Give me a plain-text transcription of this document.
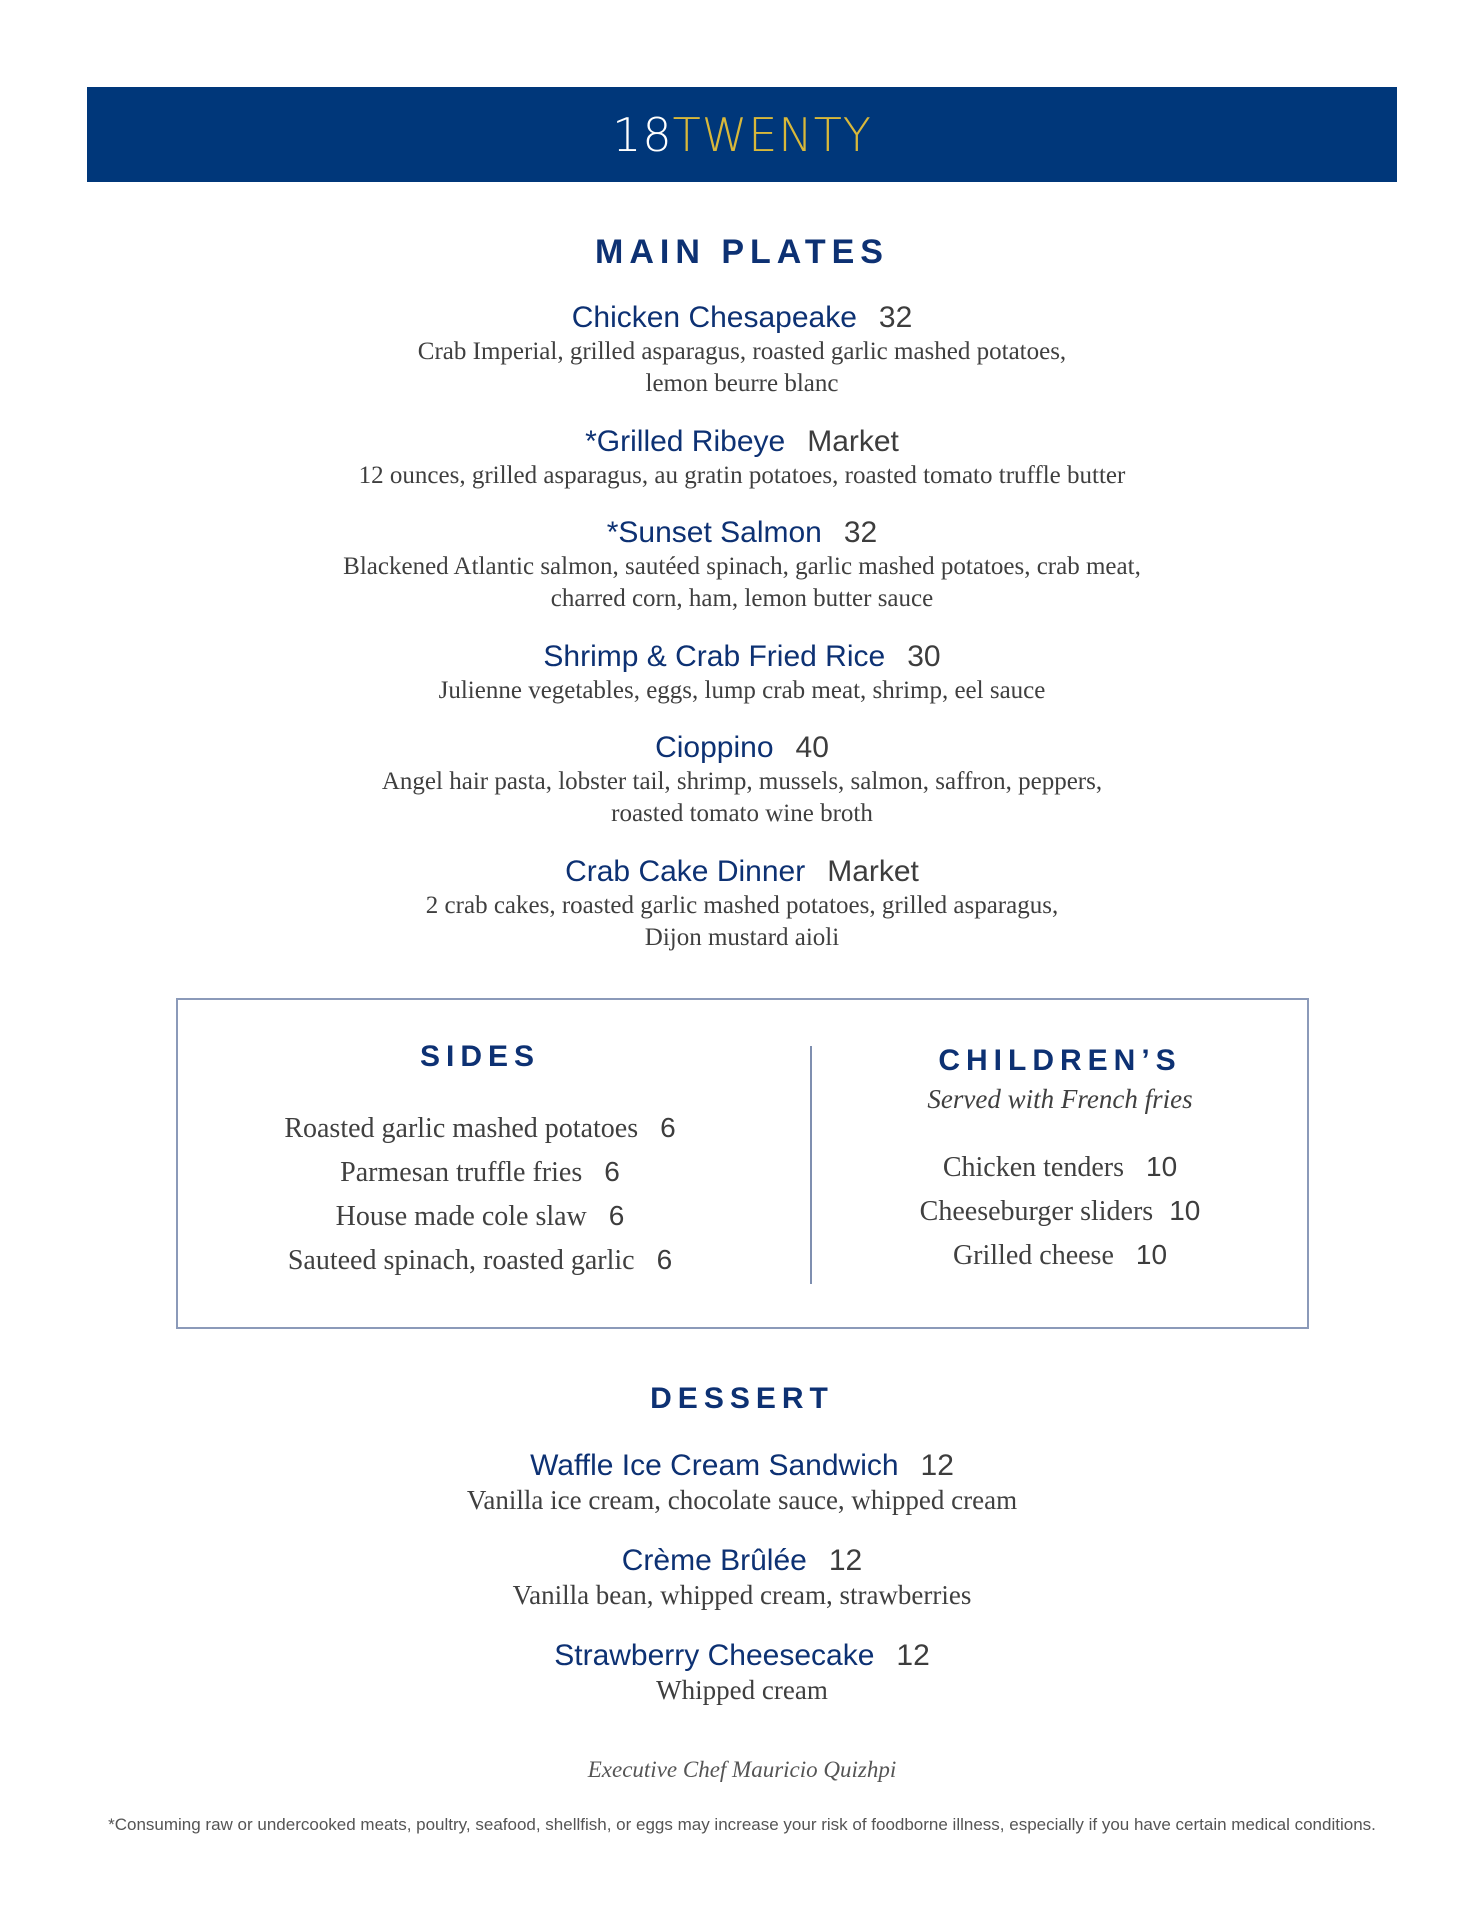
18TWENTY
MAIN PLATES
Chicken Chesapeake 32
Crab Imperial, grilled asparagus, roasted garlic mashed potatoes,
lemon beurre blanc
*Grilled Ribeye Market
12 ounces, grilled asparagus, au gratin potatoes, roasted tomato truffle butter
*Sunset Salmon 32
Blackened Atlantic salmon, sautéed spinach, garlic mashed potatoes, crab meat,
charred corn, ham, lemon butter sauce
Shrimp & Crab Fried Rice 30
Julienne vegetables, eggs, lump crab meat, shrimp, eel sauce
Cioppino 40
Angel hair pasta, lobster tail, shrimp, mussels, salmon, saffron, peppers,
roasted tomato wine broth
Crab Cake Dinner Market
2 crab cakes, roasted garlic mashed potatoes, grilled asparagus,
Dijon mustard aioli
SIDES
Roasted garlic mashed potatoes 6
Parmesan truffle fries 6
House made cole slaw 6
Sauteed spinach, roasted garlic 6
CHILDREN’S
Served with French fries
Chicken tenders 10
Cheeseburger sliders 10
Grilled cheese 10
DESSERT
Waffle Ice Cream Sandwich 12
Vanilla ice cream, chocolate sauce, whipped cream
Crème Brûlée 12
Vanilla bean, whipped cream, strawberries
Strawberry Cheesecake 12
Whipped cream
Executive Chef Mauricio Quizhpi
*Consuming raw or undercooked meats, poultry, seafood, shellfish, or eggs may increase your risk of foodborne illness, especially if you have certain medical conditions.
